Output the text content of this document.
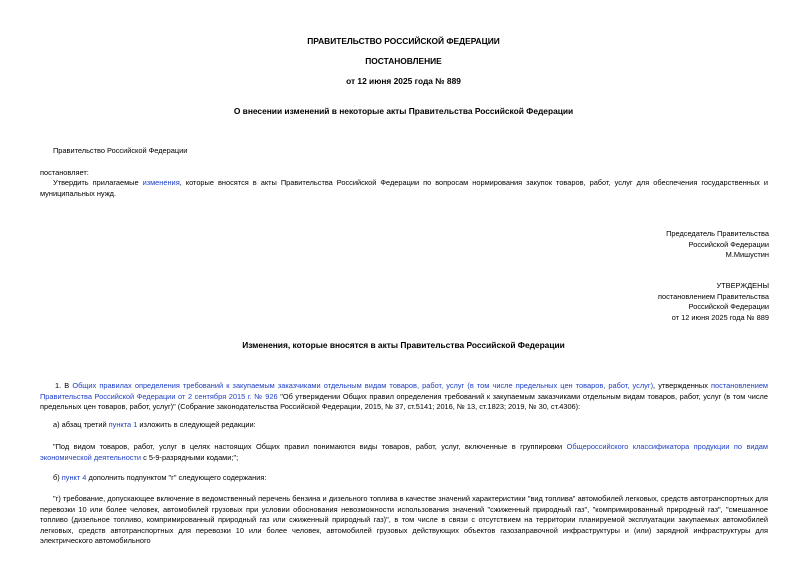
ПРАВИТЕЛЬСТВО РОССИЙСКОЙ ФЕДЕРАЦИИ
ПОСТАНОВЛЕНИЕ
от 12 июня 2025 года № 889
О внесении изменений в некоторые акты Правительства Российской Федерации
Правительство Российской Федерации
постановляет:
Утвердить прилагаемые изменения, которые вносятся в акты Правительства Российской Федерации по вопросам нормирования закупок товаров, работ, услуг для обеспечения государственных и муниципальных нужд.
Председатель Правительства
Российской Федерации
М.Мишустин
УТВЕРЖДЕНЫ
постановлением Правительства
Российской Федерации
от 12 июня 2025 года № 889
Изменения, которые вносятся в акты Правительства Российской Федерации
1. В Общих правилах определения требований к закупаемым заказчиками отдельным видам товаров, работ, услуг (в том числе предельных цен товаров, работ, услуг), утвержденных постановлением Правительства Российской Федерации от 2 сентября 2015 г. № 926 "Об утверждении Общих правил определения требований к закупаемым заказчиками отдельным видам товаров, работ, услуг (в том числе предельных цен товаров, работ, услуг)" (Собрание законодательства Российской Федерации, 2015, № 37, ст.5141; 2016, № 13, ст.1823; 2019, № 30, ст.4306):
а) абзац третий пункта 1 изложить в следующей редакции:
"Под видом товаров, работ, услуг в целях настоящих Общих правил понимаются виды товаров, работ, услуг, включенные в группировки Общероссийского классификатора продукции по видам экономической деятельности с 5-9-разрядными кодами;";
б) пункт 4 дополнить подпунктом "г" следующего содержания:
"г) требование, допускающее включение в ведомственный перечень бензина и дизельного топлива в качестве значений характеристики "вид топлива" автомобилей легковых, средств автотранспортных для перевозки 10 или более человек, автомобилей грузовых при условии обоснования невозможности использования значений "сжиженный природный газ", "компримированный природный газ", "смешанное топливо (дизельное топливо, компримированный природный газ или сжиженный природный газ)", в том числе в связи с отсутствием на территории планируемой эксплуатации закупаемых автомобилей легковых, средств автотранспортных для перевозки 10 или более человек, автомобилей грузовых действующих объектов газозаправочной инфраструктуры и (или) зарядной инфраструктуры для электрического автомобильного
